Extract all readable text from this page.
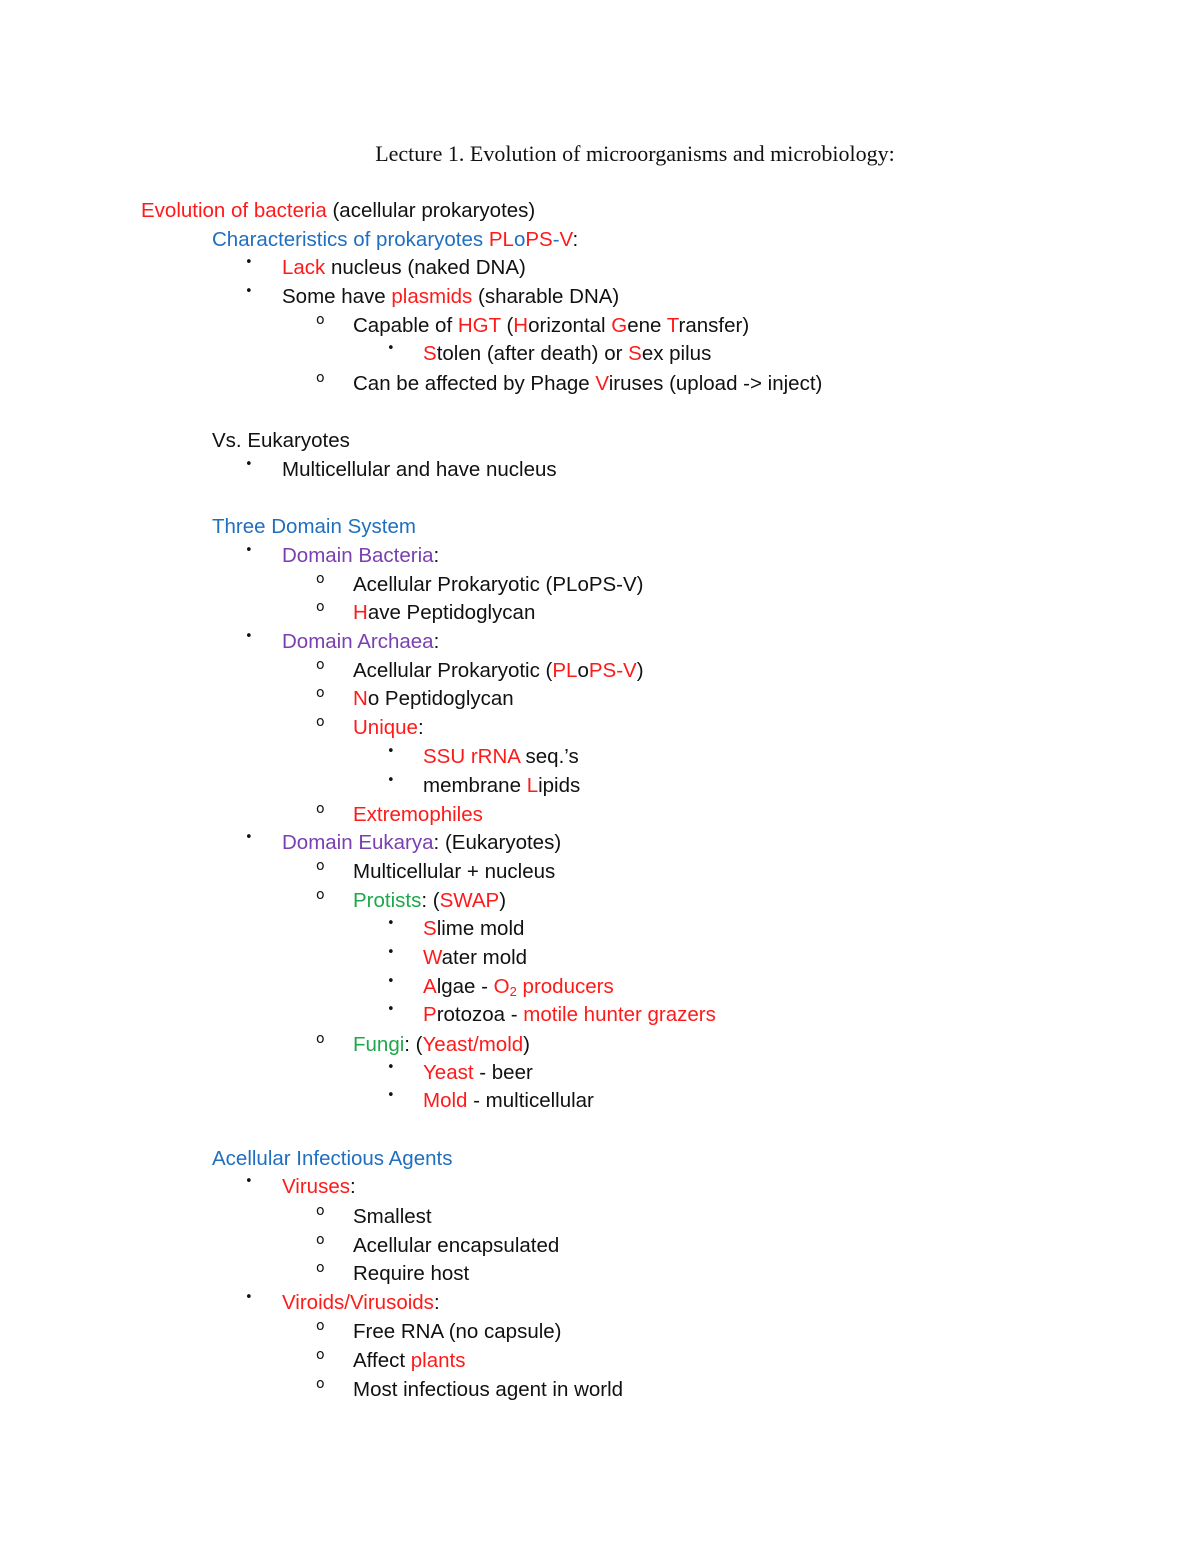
Lecture 1. Evolution of microorganisms and microbiology:
Evolution of bacteria (acellular prokaryotes)
Characteristics of prokaryotes PLoPS-V:
• Lack nucleus (naked DNA)
• Some have plasmids (sharable DNA)
o Capable of HGT (Horizontal Gene Transfer)
• Stolen (after death) or Sex pilus
o Can be affected by Phage Viruses (upload -> inject)
Vs. Eukaryotes
• Multicellular and have nucleus
Three Domain System
• Domain Bacteria:
o Acellular Prokaryotic (PLoPS-V)
o Have Peptidoglycan
• Domain Archaea:
o Acellular Prokaryotic (PLoPS-V)
o No Peptidoglycan
o Unique:
• SSU rRNA seq.’s
• membrane Lipids
o Extremophiles
• Domain Eukarya: (Eukaryotes)
o Multicellular + nucleus
o Protists: (SWAP)
• Slime mold
• Water mold
• Algae - $O_2$ producers
• Protozoa - motile hunter grazers
o Fungi: (Yeast/mold)
• Yeast - beer
• Mold - multicellular
Acellular Infectious Agents
• Viruses:
o Smallest
o Acellular encapsulated
o Require host
• Viroids/Virusoids:
o Free RNA (no capsule)
o Affect plants
o Most infectious agent in world
